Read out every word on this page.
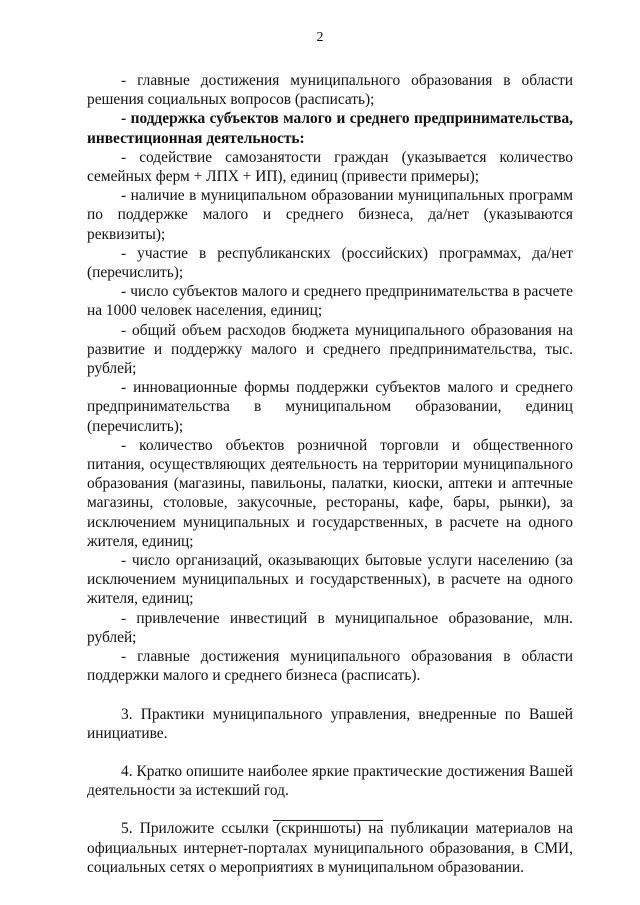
2

- главные достижения муниципального образования в области решения социальных вопросов (расписать);

- поддержка субъектов малого и среднего предпринимательства, инвестиционная деятельность:

- содействие самозанятости граждан (указывается количество семейных ферм + ЛПХ + ИП), единиц (привести примеры);

- наличие в муниципальном образовании муниципальных программ по поддержке малого и среднего бизнеса, да/нет (указываются реквизиты);

- участие в республиканских (российских) программах, да/нет (перечислить);

- число субъектов малого и среднего предпринимательства в расчете на 1000 человек населения, единиц;

- общий объем расходов бюджета муниципального образования на развитие и поддержку малого и среднего предпринимательства, тыс. рублей;

- инновационные формы поддержки субъектов малого и среднего предпринимательства в муниципальном образовании, единиц (перечислить);

- количество объектов розничной торговли и общественного питания, осуществляющих деятельность на территории муниципального образования (магазины, павильоны, палатки, киоски, аптеки и аптечные магазины, столовые, закусочные, рестораны, кафе, бары, рынки), за исключением муниципальных и государственных, в расчете на одного жителя, единиц;

- число организаций, оказывающих бытовые услуги населению (за исключением муниципальных и государственных), в расчете на одного жителя, единиц;

- привлечение инвестиций в муниципальное образование, млн. рублей;

- главные достижения муниципального образования в области поддержки малого и среднего бизнеса (расписать).

3. Практики муниципального управления, внедренные по Вашей инициативе.

4. Кратко опишите наиболее яркие практические достижения Вашей деятельности за истекший год.

5. Приложите ссылки (скриншоты) на публикации материалов на официальных интернет-порталах муниципального образования, в СМИ, социальных сетях о мероприятиях в муниципальном образовании.
